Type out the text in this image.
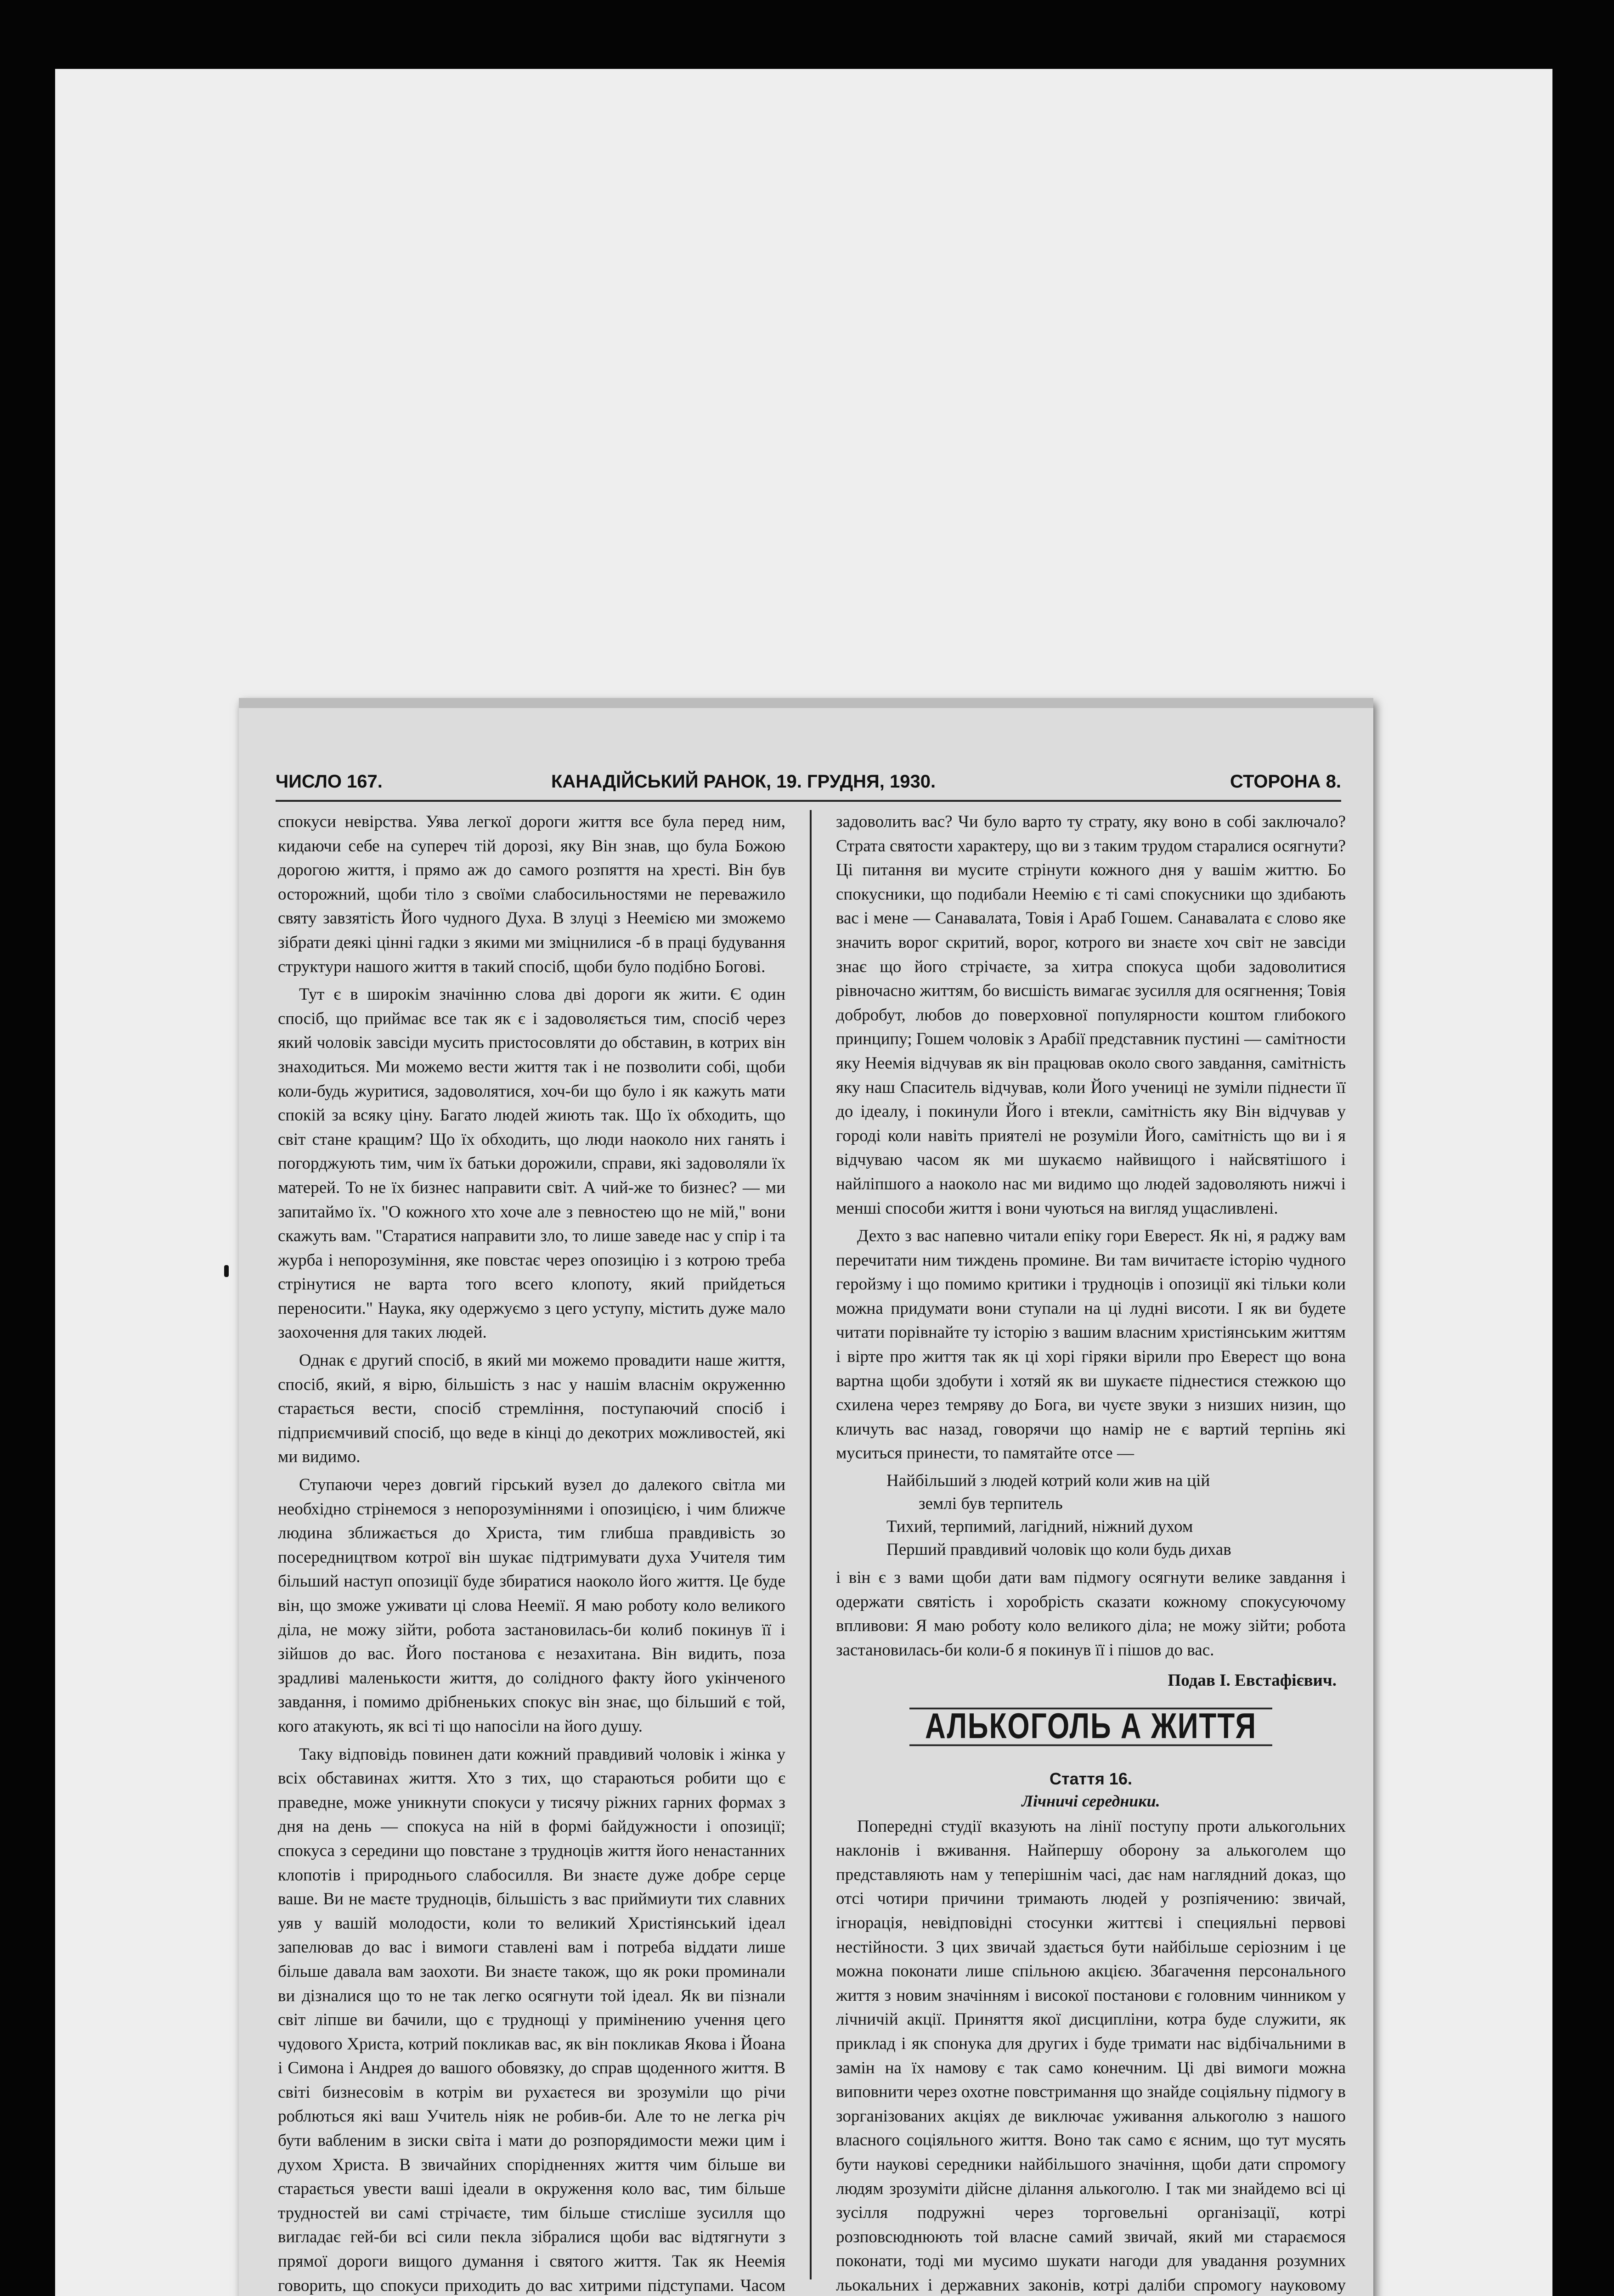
ЧИСЛО 167.	КАНАДІЙСЬКИЙ РАНОК, 19. ГРУДНЯ, 1930.	СТОРОНА 8.

спокуси невірства. Уява легкої дороги життя все була перед ним, кидаючи себе на супереч тій дорозі, яку Він знав, що була Божою дорогою життя, і прямо аж до самого розпяття на хресті. Він був осторожний, щоби тіло з своїми слабосильностями не переважило святу завзятість Його чудного Духа. В злуці з Неемією ми зможемо зібрати деякі цінні гадки з якими ми зміцнилися -б в праці будування структури нашого життя в такий спосіб, щоби було подібно Богові.

Тут є в широкім значінню слова дві дороги як жити. Є один спосіб, що приймає все так як є і задоволяється тим, спосіб через який чоловік завсіди мусить пристосовляти до обставин, в котрих він знаходиться. Ми можемо вести життя так і не позволити собі, щоби коли-будь журитися, задоволятися, хоч-би що було і як кажуть мати спокій за всяку ціну. Багато людей жиють так. Що їх обходить, що світ стане кращим? Що їх обходить, що люди наоколо них ганять і погорджують тим, чим їх батьки дорожили, справи, які задоволяли їх матерей. То не їх бизнес направити світ. А чий-же то бизнес? — ми запитаймо їх. "О кожного хто хоче але з певностею що не мій," вони скажуть вам. "Старатися направити зло, то лише заведе нас у спір і та журба і непорозуміння, яке повстає через опозицію і з котрою треба стрінутися не варта того всего клопоту, який прийдеться переносити." Наука, яку одержуємо з цего уступу, містить дуже мало заохочення для таких людей.

Однак є другий спосіб, в який ми можемо провадити наше життя, спосіб, який, я вірю, більшість з нас у нашім власнім окруженню старається вести, спосіб стремління, поступаючий спосіб і підприємчивий спосіб, що веде в кінці до декотрих можливостей, які ми видимо.

Ступаючи через довгий гірський вузел до далекого світла ми необхідно стрінемося з непорозуміннями і опозицією, і чим ближче людина зближається до Христа, тим глибша правдивість зо посередництвом котрої він шукає підтримувати духа Учителя тим більший наступ опозиції буде збиратися наоколо його життя. Це буде він, що зможе уживати ці слова Неемії. Я маю роботу коло великого діла, не можу зійти, робота застановилась-би колиб покинув її і зійшов до вас. Його постанова є незахитана. Він видить, поза зрадливі маленькости життя, до солідного факту його укінченого завдання, і помимо дрібненьких спокус він знає, що більший є той, кого атакують, як всі ті що напосіли на його душу.

Таку відповідь повинен дати кожний правдивий чоловік і жінка у всіх обставинах життя. Хто з тих, що стараються робити що є праведне, може уникнути спокуси у тисячу ріжних гарних формах з дня на день — спокуса на ній в формі байдужности і опозиції; спокуса з середини що повстане з трудноців життя його ненастанних клопотів і природнього слабосилля. Ви знаєте дуже добре серце ваше. Ви не маєте трудноців, більшість з вас приймиути тих славних уяв у вашій молодости, коли то великий Христіянський ідеал запелював до вас і вимоги ставлені вам і потреба віддати лише більше давала вам заохоти. Ви знаєте також, що як роки проминали ви дізналися що то не так легко осягнути той ідеал. Як ви пізнали світ ліпше ви бачили, що є труднощі у примінению учення цего чудового Христа, котрий покликав вас, як він покликав Якова і Йоана і Симона і Андрея до вашого обовязку, до справ щоденного життя. В світі бизнесовім в котрім ви рухаєтеся ви зрозуміли що річи роблються які ваш Учитель ніяк не робив-би. Але то не легка річ бути вабленим в зиски світа і мати до розпорядимости межи цим і духом Христа. В звичайних спорідненнях життя чим більше ви старається увести ваші ідеали в окруження коло вас, тим більше трудностей ви самі стрічаєте, тим більше стисліше зусилля що вигладає гей-би всі сили пекла зібралися щоби вас відтягнути з прямої дороги вищого думання і святого життя. Так як Неемія говорить, що спокуси приходить до вас хитрими підступами. Часом

задоволить вас? Чи було варто ту страту, яку воно в собі заключало? Страта святости характеру, що ви з таким трудом старалися осягнути? Ці питання ви мусите стрінути кожного дня у вашім життю. Бо спокусники, що подибали Неемію є ті самі спокусники що здибають вас і мене — Санавалата, Товія і Араб Гошем. Санавалата є слово яке значить ворог скритий, ворог, котрого ви знаєте хоч світ не завсіди знає що його стрічаєте, за хитра спокуса щоби задоволитися рівночасно життям, бо висшість вимагає зусилля для осягнення; Товія добробут, любов до поверховної популярности коштом глибокого принципу; Гошем чоловік з Арабії представник пустині — самітности яку Неемія відчував як він працював около свого завдання, самітність яку наш Спаситель відчував, коли Його учениці не зуміли піднести її до ідеалу, і покинули Його і втекли, самітність яку Він відчував у городі коли навіть приятелі не розуміли Його, самітність що ви і я відчуваю часом як ми шукаємо найвищого і найсвятішого і найліпшого а наоколо нас ми видимо що людей задоволяють нижчі і менші способи життя і вони чуються на вигляд ущасливлені.

Дехто з вас напевно читали епіку гори Еверест. Як ні, я раджу вам перечитати ним тиждень промине. Ви там вичитаєте історію чудного геройзму і що помимо критики і трудноців і опозиції які тільки коли можна придумати вони ступали на ці лудні висоти. І як ви будете читати порівнайте ту історію з вашим власним христіянським життям і вірте про життя так як ці хорі гіряки вірили про Еверест що вона вартна щоби здобути і хотяй як ви шукаєте піднестися стежкою що схилена через темряву до Бога, ви чуєте звуки з низших низин, що кличуть вас назад, говорячи що намір не є вартий терпінь які муситься принести, то памятайте отсе —

Найбільший з людей котрий коли жив на цій
землі був терпитель
Тихий, терпимий, лагідний, ніжний духом
Перший правдивий чоловік що коли будь дихав

і він є з вами щоби дати вам підмогу осягнути велике завдання і одержати святість і хоробрість сказати кожному спокусуючому впливови: Я маю роботу коло великого діла; не можу зійти; робота застановилась-би коли-б я покинув її і пішов до вас.

Подав І. Евстафієвич.
АЛЬКОГОЛЬ А ЖИТТЯ
Стаття 16.
Лічничі середники.

Попередні студії вказують на лінії поступу проти алькогольних наклонів і вживання. Найпершу оборону за алькоголем що представляють нам у теперішнім часі, дає нам наглядний доказ, що отсі чотири причини тримають людей у розпіячению: звичай, ігнорація, невідповідні стосунки життєві і специяльні первові нестійности. З цих звичай здається бути найбільше серіозним і це можна поконати лише спільною акцією. Збагачення персонального життя з новим значінням і високої постанови є головним чинником у лічничій акції. Приняття якої дисципліни, котра буде служити, як приклад і як спонука для других і буде тримати нас відбічальними в замін на їх намову є так само конечним. Ці дві вимоги можна виповнити через охотне повстримання що знайде соціяльну підмогу в зорганізованих акціях де виключає уживання алькоголю з нашого власного соціяльного життя. Воно так само є ясним, що тут мусять бути наукові середники найбільшого значіння, щоби дати спромогу людям зрозуміти дійсне ділання алькоголю. І так ми знайдемо всі ці зусілля подружні через торговельні організації, котрі розповсюднюють той власне самий звичай, який ми стараємося поконати, тоді ми мусимо шукати нагоди для увадання розумних льокальних і державних законів, котрі даліби спромогу науковому
